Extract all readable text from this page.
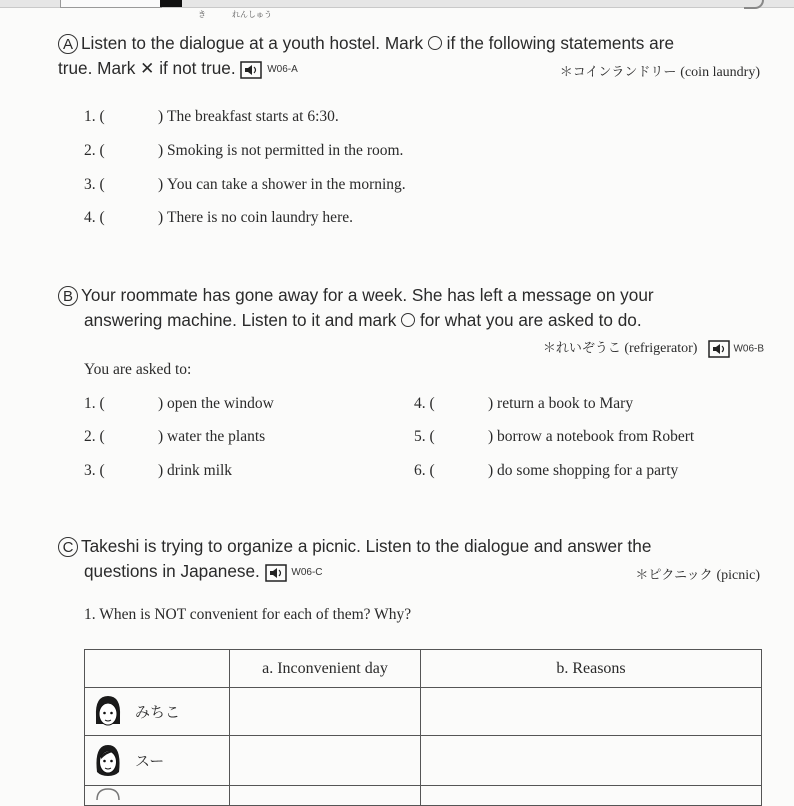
き	れんしゅう
A Listen to the dialogue at a youth hostel. Mark ○ if the following statements are
true. Mark ✕ if not true.	W06-A	＊コインランドリー (coin laundry)
1. (	) The breakfast starts at 6:30.
2. (	) Smoking is not permitted in the room.
3. (	) You can take a shower in the morning.
4. (	) There is no coin laundry here.
B Your roommate has gone away for a week. She has left a message on your
answering machine. Listen to it and mark ○ for what you are asked to do.
＊れいぞうこ (refrigerator)	W06-B
You are asked to:
1. (	) open the window
2. (	) water the plants
3. (	) drink milk
4. (	) return a book to Mary
5. (	) borrow a notebook from Robert
6. (	) do some shopping for a party
C Takeshi is trying to organize a picnic. Listen to the dialogue and answer the
questions in Japanese.	W06-C	＊ピクニック (picnic)
1. When is NOT convenient for each of them? Why?
	a. Inconvenient day	b. Reasons

みちこ		

スー		
